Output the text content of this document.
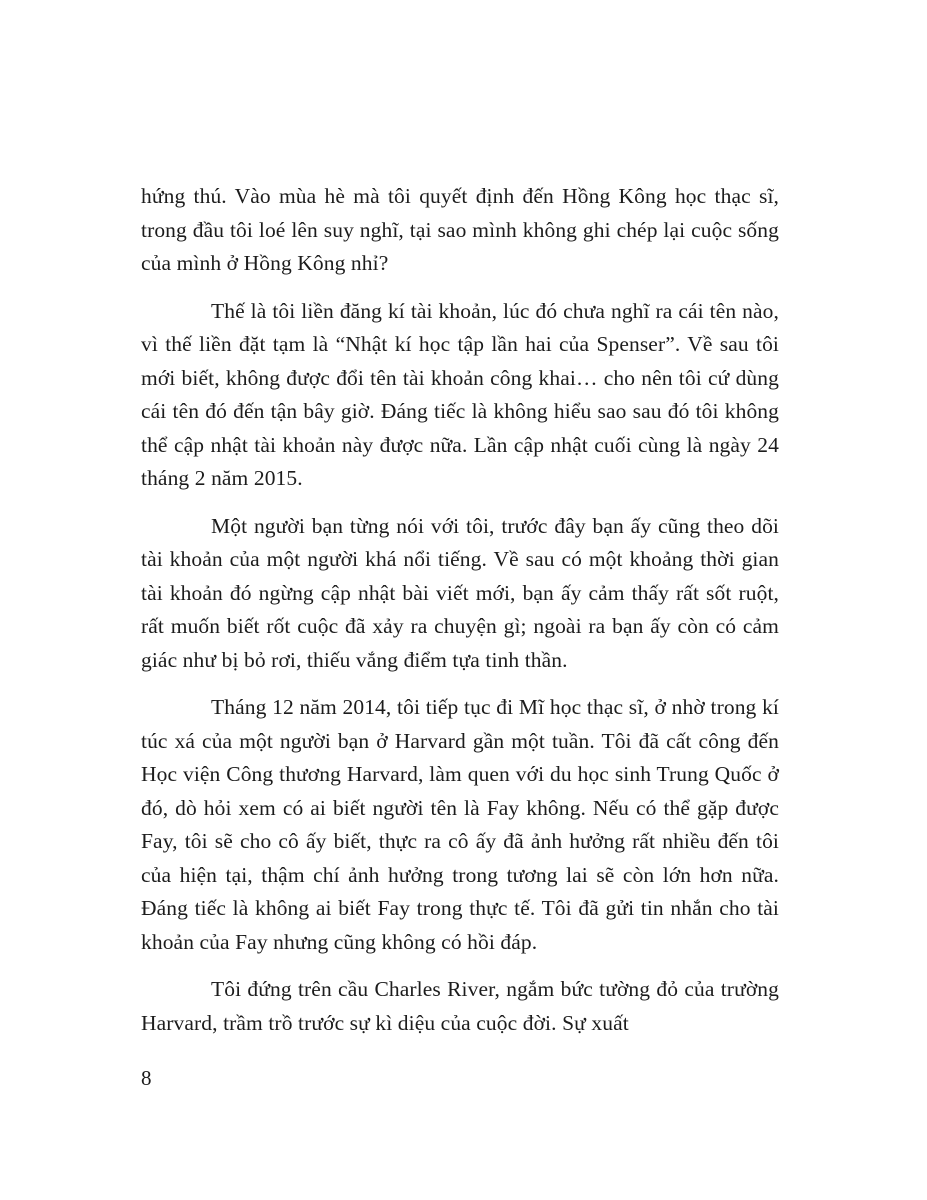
hứng thú. Vào mùa hè mà tôi quyết định đến Hồng Kông học thạc sĩ, trong đầu tôi loé lên suy nghĩ, tại sao mình không ghi chép lại cuộc sống của mình ở Hồng Kông nhỉ?

Thế là tôi liền đăng kí tài khoản, lúc đó chưa nghĩ ra cái tên nào, vì thế liền đặt tạm là “Nhật kí học tập lần hai của Spenser”. Về sau tôi mới biết, không được đổi tên tài khoản công khai… cho nên tôi cứ dùng cái tên đó đến tận bây giờ. Đáng tiếc là không hiểu sao sau đó tôi không thể cập nhật tài khoản này được nữa. Lần cập nhật cuối cùng là ngày 24 tháng 2 năm 2015.

Một người bạn từng nói với tôi, trước đây bạn ấy cũng theo dõi tài khoản của một người khá nổi tiếng. Về sau có một khoảng thời gian tài khoản đó ngừng cập nhật bài viết mới, bạn ấy cảm thấy rất sốt ruột, rất muốn biết rốt cuộc đã xảy ra chuyện gì; ngoài ra bạn ấy còn có cảm giác như bị bỏ rơi, thiếu vắng điểm tựa tinh thần.

Tháng 12 năm 2014, tôi tiếp tục đi Mĩ học thạc sĩ, ở nhờ trong kí túc xá của một người bạn ở Harvard gần một tuần. Tôi đã cất công đến Học viện Công thương Harvard, làm quen với du học sinh Trung Quốc ở đó, dò hỏi xem có ai biết người tên là Fay không. Nếu có thể gặp được Fay, tôi sẽ cho cô ấy biết, thực ra cô ấy đã ảnh hưởng rất nhiều đến tôi của hiện tại, thậm chí ảnh hưởng trong tương lai sẽ còn lớn hơn nữa. Đáng tiếc là không ai biết Fay trong thực tế. Tôi đã gửi tin nhắn cho tài khoản của Fay nhưng cũng không có hồi đáp.

Tôi đứng trên cầu Charles River, ngắm bức tường đỏ của trường Harvard, trầm trồ trước sự kì diệu của cuộc đời. Sự xuất

8
